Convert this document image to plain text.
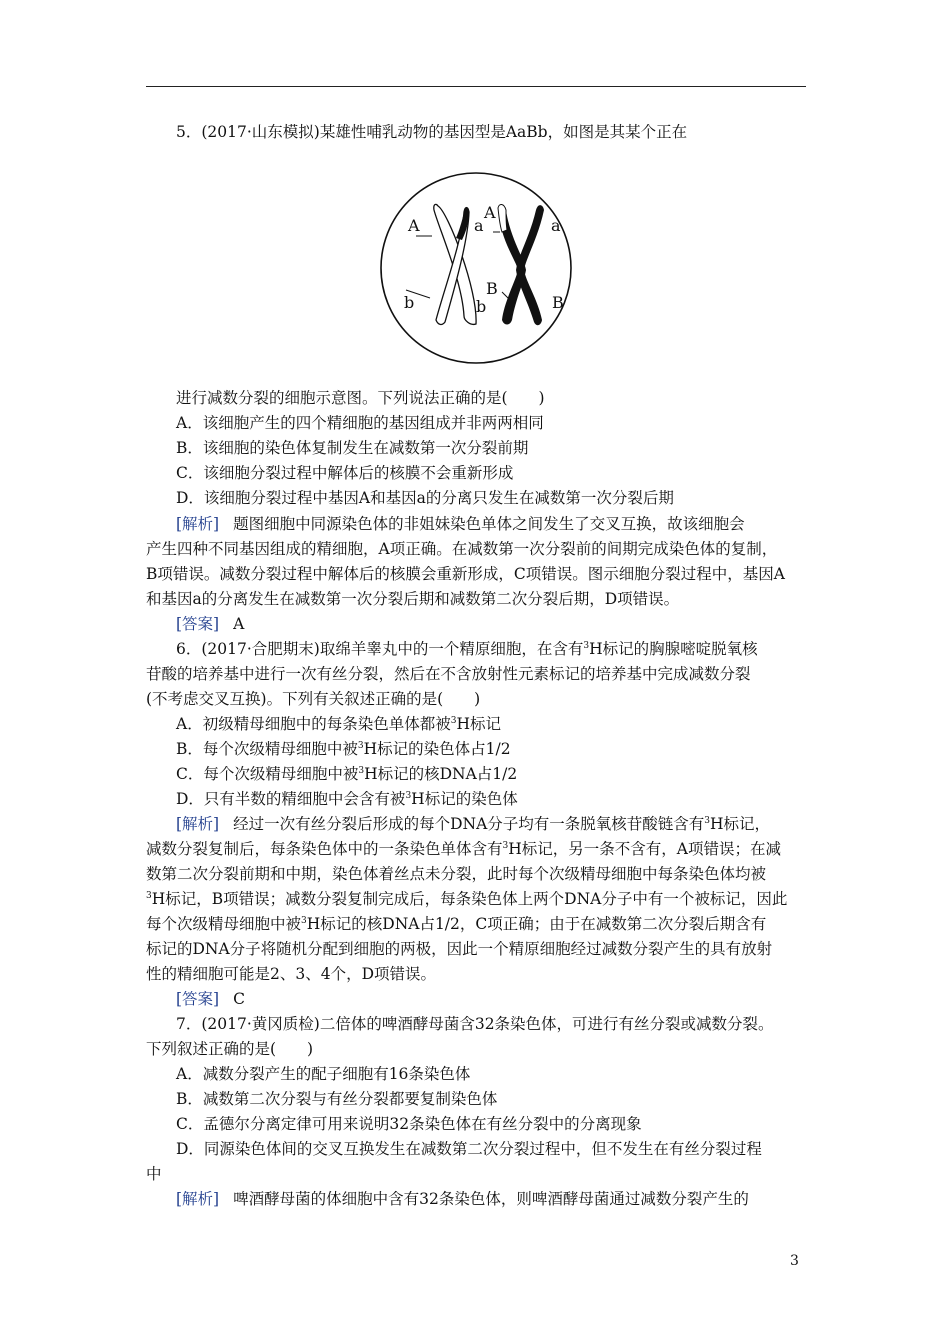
5．(2017·山东模拟)某雄性哺乳动物的基因型是AaBb，如图是其某个正在
A	a
b	b
A
a
B
B
进行减数分裂的细胞示意图。下列说法正确的是(　　)
A．该细胞产生的四个精细胞的基因组成并非两两相同
B．该细胞的染色体复制发生在减数第一次分裂前期
C．该细胞分裂过程中解体后的核膜不会重新形成
D．该细胞分裂过程中基因A和基因a的分离只发生在减数第一次分裂后期
[解析] 题图细胞中同源染色体的非姐妹染色单体之间发生了交叉互换，故该细胞会
产生四种不同基因组成的精细胞，A项正确。在减数第一次分裂前的间期完成染色体的复制，
B项错误。减数分裂过程中解体后的核膜会重新形成，C项错误。图示细胞分裂过程中，基因A
和基因a的分离发生在减数第一次分裂后期和减数第二次分裂后期，D项错误。
[答案] A
6．(2017·合肥期末)取绵羊睾丸中的一个精原细胞，在含有$^3$H标记的胸腺嘧啶脱氧核
苷酸的培养基中进行一次有丝分裂，然后在不含放射性元素标记的培养基中完成减数分裂
(不考虑交叉互换)。下列有关叙述正确的是(　　)
A．初级精母细胞中的每条染色单体都被$^3$H标记
B．每个次级精母细胞中被$^3$H标记的染色体占1/2
C．每个次级精母细胞中被$^3$H标记的核DNA占1/2
D．只有半数的精细胞中会含有被$^3$H标记的染色体
[解析] 经过一次有丝分裂后形成的每个DNA分子均有一条脱氧核苷酸链含有$^3$H标记，
减数分裂复制后，每条染色体中的一条染色单体含有$^3$H标记，另一条不含有，A项错误；在减
数第二次分裂前期和中期，染色体着丝点未分裂，此时每个次级精母细胞中每条染色体均被
$^3$H标记，B项错误；减数分裂复制完成后，每条染色体上两个DNA分子中有一个被标记，因此
每个次级精母细胞中被$^3$H标记的核DNA占1/2，C项正确；由于在减数第二次分裂后期含有
标记的DNA分子将随机分配到细胞的两极，因此一个精原细胞经过减数分裂产生的具有放射
性的精细胞可能是2、3、4个，D项错误。
[答案] C
7．(2017·黄冈质检)二倍体的啤酒酵母菌含32条染色体，可进行有丝分裂或减数分裂。
下列叙述正确的是(　　)
A．减数分裂产生的配子细胞有16条染色体
B．减数第二次分裂与有丝分裂都要复制染色体
C．孟德尔分离定律可用来说明32条染色体在有丝分裂中的分离现象
D．同源染色体间的交叉互换发生在减数第二次分裂过程中，但不发生在有丝分裂过程
中
[解析] 啤酒酵母菌的体细胞中含有32条染色体，则啤酒酵母菌通过减数分裂产生的
3
